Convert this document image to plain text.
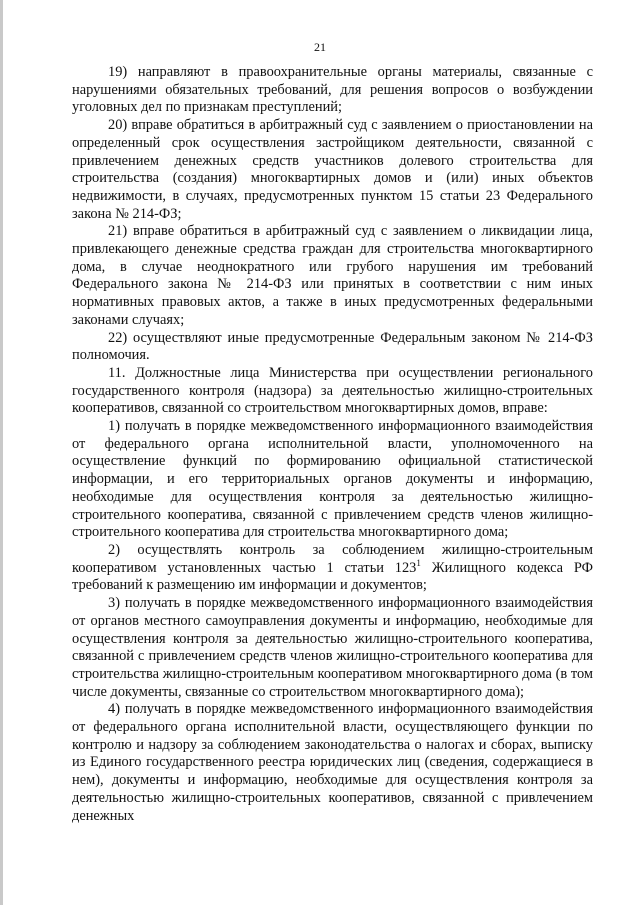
21

19) направляют в правоохранительные органы материалы, связанные с нарушениями обязательных требований, для решения вопросов о возбуждении уголовных дел по признакам преступлений;

20) вправе обратиться в арбитражный суд с заявлением о приостановлении на определенный срок осуществления застройщиком деятельности, связанной с привлечением денежных средств участников долевого строительства для строительства (создания) многоквартирных домов и (или) иных объектов недвижимости, в случаях, предусмотренных пунктом 15 статьи 23 Федерального закона № 214-ФЗ;

21) вправе обратиться в арбитражный суд с заявлением о ликвидации лица, привлекающего денежные средства граждан для строительства многоквартирного дома, в случае неоднократного или грубого нарушения им требований Федерального закона № 214-ФЗ или принятых в соответствии с ним иных нормативных правовых актов, а также в иных предусмотренных федеральными законами случаях;

22) осуществляют иные предусмотренные Федеральным законом № 214-ФЗ полномочия.

11. Должностные лица Министерства при осуществлении регионального государственного контроля (надзора) за деятельностью жилищно-строительных кооперативов, связанной со строительством многоквартирных домов, вправе:

1) получать в порядке межведомственного информационного взаимодействия от федерального органа исполнительной власти, уполномоченного на осуществление функций по формированию официальной статистической информации, и его территориальных органов документы и информацию, необходимые для осуществления контроля за деятельностью жилищно-строительного кооператива, связанной с привлечением средств членов жилищно-строительного кооператива для строительства многоквартирного дома;

2) осуществлять контроль за соблюдением жилищно-строительным кооперативом установленных частью 1 статьи $123^1$ Жилищного кодекса РФ требований к размещению им информации и документов;

3) получать в порядке межведомственного информационного взаимодействия от органов местного самоуправления документы и информацию, необходимые для осуществления контроля за деятельностью жилищно-строительного кооператива, связанной с привлечением средств членов жилищно-строительного кооператива для строительства жилищно-строительным кооперативом многоквартирного дома (в том числе документы, связанные со строительством многоквартирного дома);

4) получать в порядке межведомственного информационного взаимодействия от федерального органа исполнительной власти, осуществляющего функции по контролю и надзору за соблюдением законодательства о налогах и сборах, выписку из Единого государственного реестра юридических лиц (сведения, содержащиеся в нем), документы и информацию, необходимые для осуществления контроля за деятельностью жилищно-строительных кооперативов, связанной с привлечением денежных
